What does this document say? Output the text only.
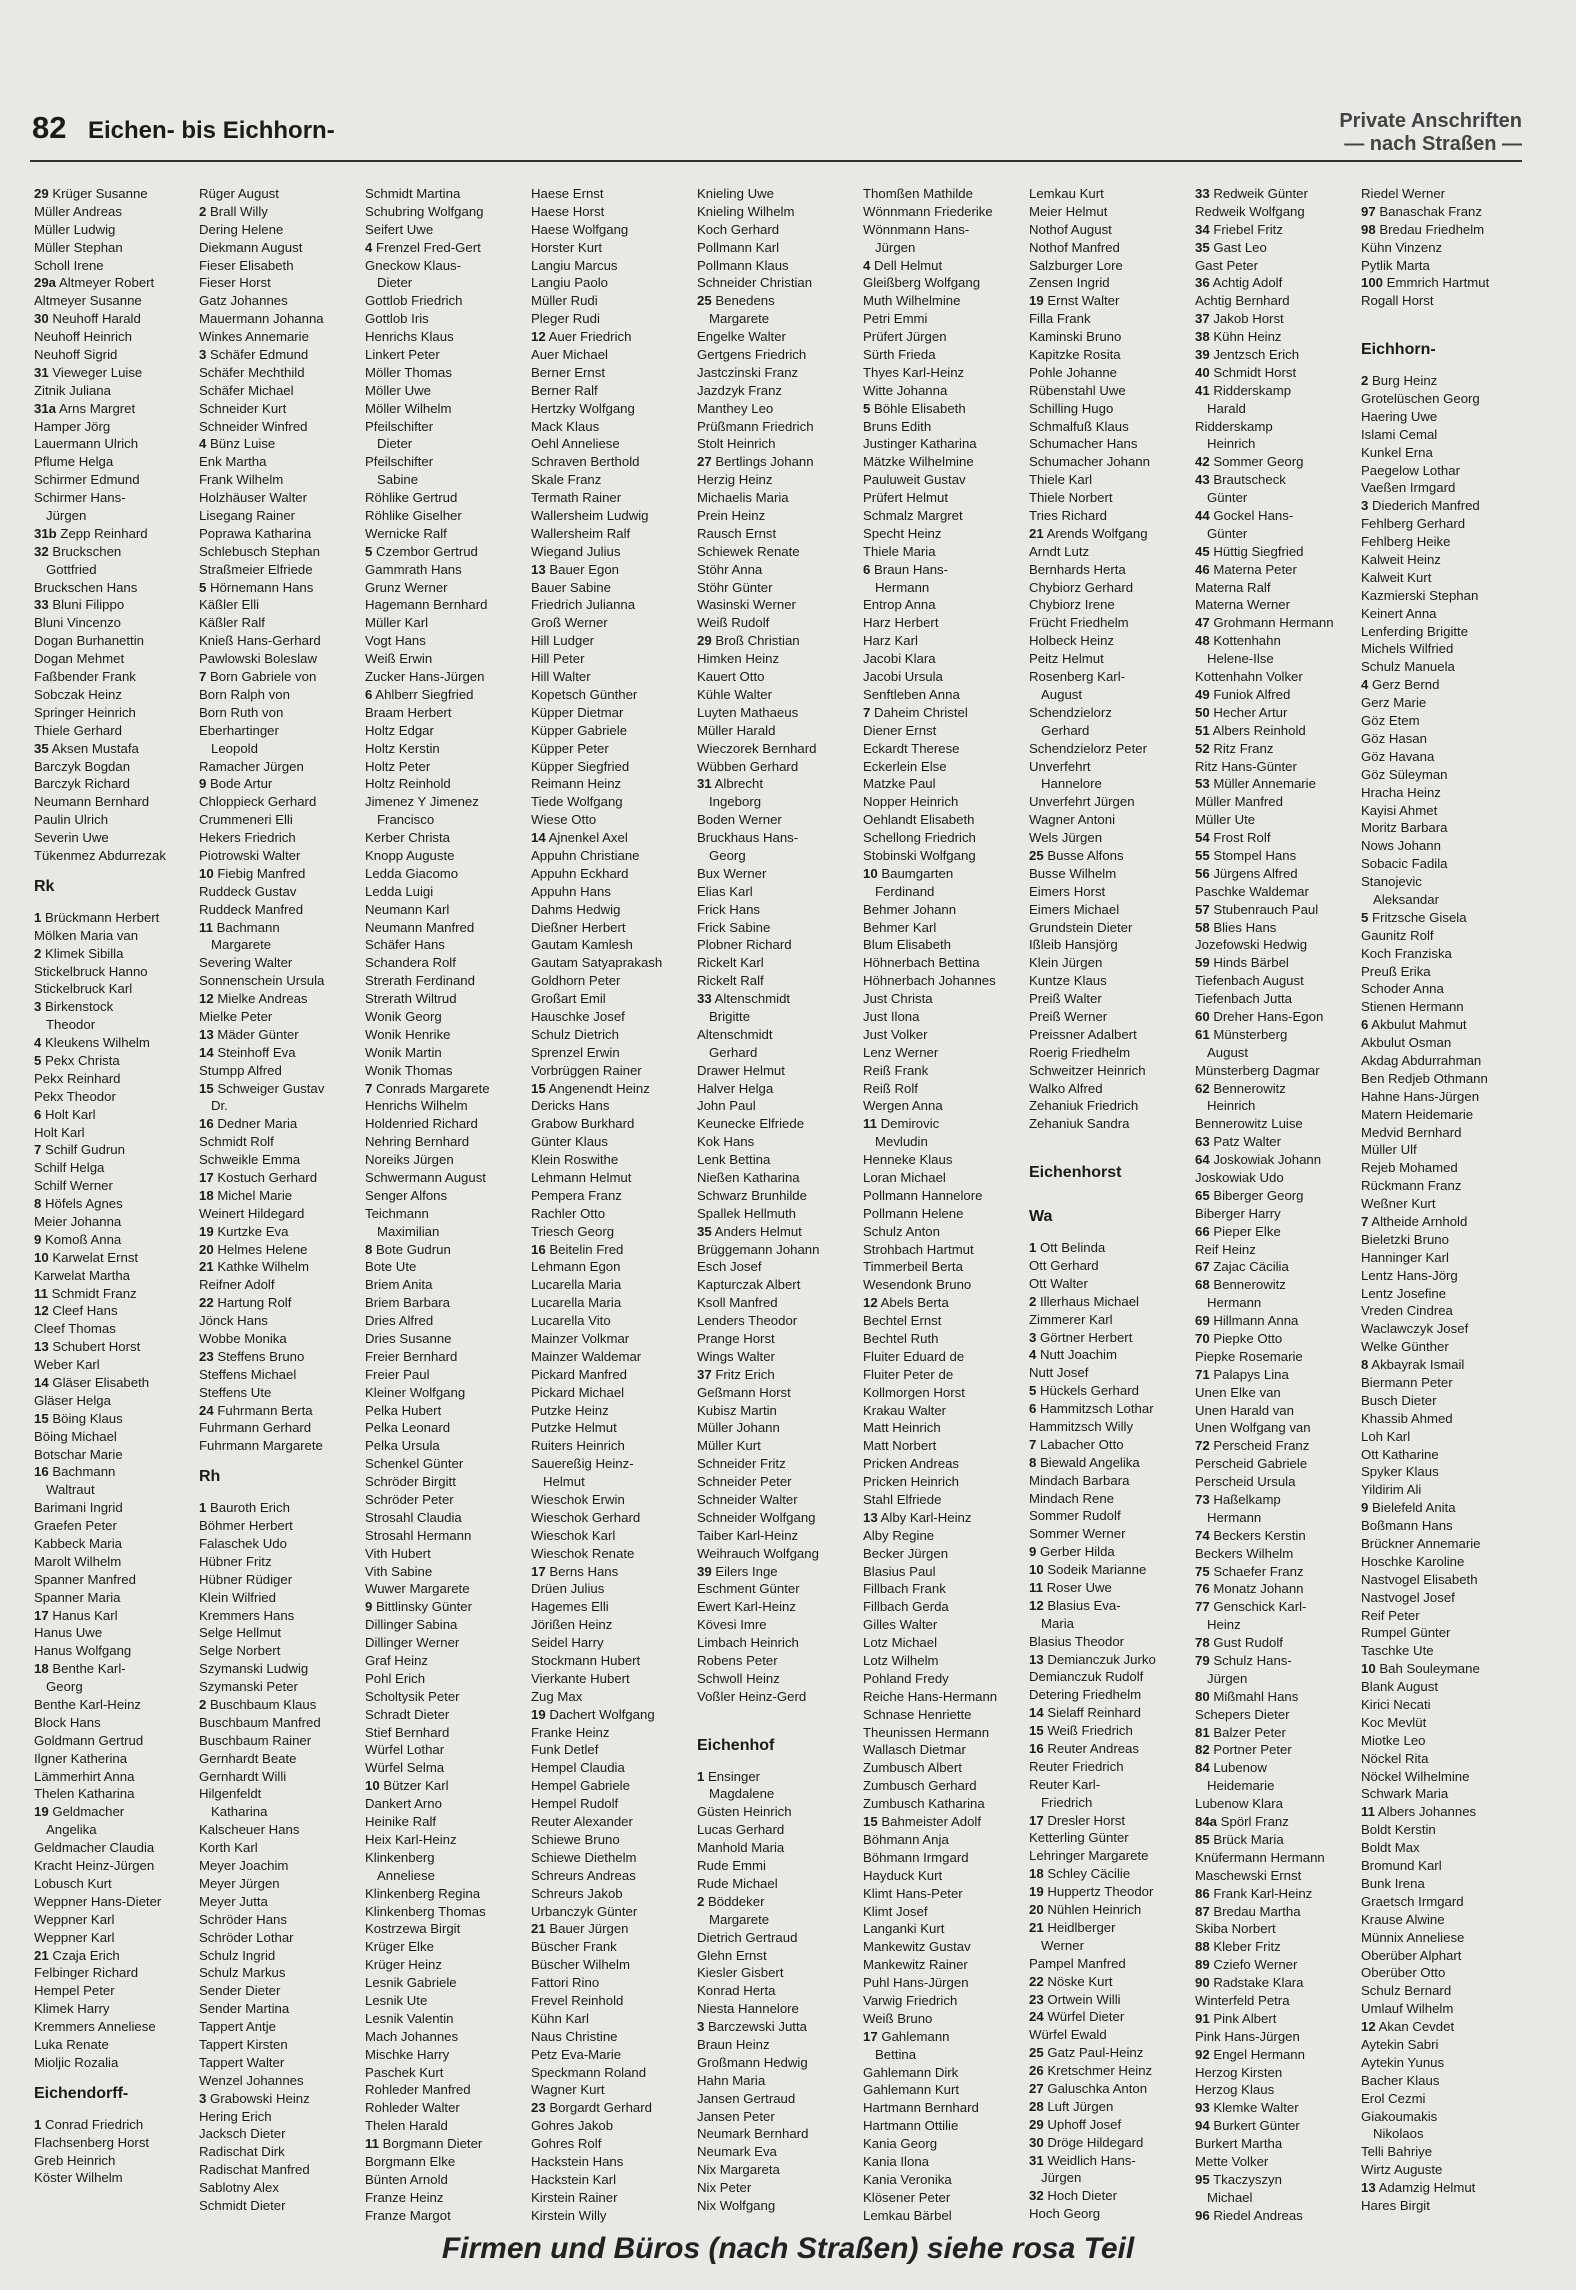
82 Eichen- bis Eichhorn-	Private Anschriften
— nach Straßen —
29 Krüger Susanne
Müller Andreas
Müller Ludwig
Müller Stephan
Scholl Irene
29a Altmeyer Robert
Altmeyer Susanne
30 Neuhoff Harald
Neuhoff Heinrich
Neuhoff Sigrid
31 Vieweger Luise
Zitnik Juliana
31a Arns Margret
Hamper Jörg
Lauermann Ulrich
Pflume Helga
Schirmer Edmund
Schirmer Hans-
Jürgen
31b Zepp Reinhard
32 Bruckschen
Gottfried
Bruckschen Hans
33 Bluni Filippo
Bluni Vincenzo
Dogan Burhanettin
Dogan Mehmet
Faßbender Frank
Sobczak Heinz
Springer Heinrich
Thiele Gerhard
35 Aksen Mustafa
Barczyk Bogdan
Barczyk Richard
Neumann Bernhard
Paulin Ulrich
Severin Uwe
Tükenmez Abdurrezak
Rk
1 Brückmann Herbert
Mölken Maria van
2 Klimek Sibilla
Stickelbruck Hanno
Stickelbruck Karl
3 Birkenstock
Theodor
4 Kleukens Wilhelm
5 Pekx Christa
Pekx Reinhard
Pekx Theodor
6 Holt Karl
Holt Karl
7 Schilf Gudrun
Schilf Helga
Schilf Werner
8 Höfels Agnes
Meier Johanna
9 Komoß Anna
10 Karwelat Ernst
Karwelat Martha
11 Schmidt Franz
12 Cleef Hans
Cleef Thomas
13 Schubert Horst
Weber Karl
14 Gläser Elisabeth
Gläser Helga
15 Böing Klaus
Böing Michael
Botschar Marie
16 Bachmann
Waltraut
Barimani Ingrid
Graefen Peter
Kabbeck Maria
Marolt Wilhelm
Spanner Manfred
Spanner Maria
17 Hanus Karl
Hanus Uwe
Hanus Wolfgang
18 Benthe Karl-
Georg
Benthe Karl-Heinz
Block Hans
Goldmann Gertrud
Ilgner Katherina
Lämmerhirt Anna
Thelen Katharina
19 Geldmacher
Angelika
Geldmacher Claudia
Kracht Heinz-Jürgen
Lobusch Kurt
Weppner Hans-Dieter
Weppner Karl
Weppner Karl
21 Czaja Erich
Felbinger Richard
Hempel Peter
Klimek Harry
Kremmers Anneliese
Luka Renate
Mioljic Rozalia
Eichendorff-
1 Conrad Friedrich
Flachsenberg Horst
Greb Heinrich
Köster Wilhelm
Rüger August
2 Brall Willy
Dering Helene
Diekmann August
Fieser Elisabeth
Fieser Horst
Gatz Johannes
Mauermann Johanna
Winkes Annemarie
3 Schäfer Edmund
Schäfer Mechthild
Schäfer Michael
Schneider Kurt
Schneider Winfred
4 Bünz Luise
Enk Martha
Frank Wilhelm
Holzhäuser Walter
Lisegang Rainer
Poprawa Katharina
Schlebusch Stephan
Straßmeier Elfriede
5 Hörnemann Hans
Käßler Elli
Käßler Ralf
Knieß Hans-Gerhard
Pawlowski Boleslaw
7 Born Gabriele von
Born Ralph von
Born Ruth von
Eberhartinger
Leopold
Ramacher Jürgen
9 Bode Artur
Chloppieck Gerhard
Crummeneri Elli
Hekers Friedrich
Piotrowski Walter
10 Fiebig Manfred
Ruddeck Gustav
Ruddeck Manfred
11 Bachmann
Margarete
Severing Walter
Sonnenschein Ursula
12 Mielke Andreas
Mielke Peter
13 Mäder Günter
14 Steinhoff Eva
Stumpp Alfred
15 Schweiger Gustav
Dr.
16 Dedner Maria
Schmidt Rolf
Schweikle Emma
17 Kostuch Gerhard
18 Michel Marie
Weinert Hildegard
19 Kurtzke Eva
20 Helmes Helene
21 Kathke Wilhelm
Reifner Adolf
22 Hartung Rolf
Jönck Hans
Wobbe Monika
23 Steffens Bruno
Steffens Michael
Steffens Ute
24 Fuhrmann Berta
Fuhrmann Gerhard
Fuhrmann Margarete
Rh
1 Bauroth Erich
Böhmer Herbert
Falaschek Udo
Hübner Fritz
Hübner Rüdiger
Klein Wilfried
Kremmers Hans
Selge Hellmut
Selge Norbert
Szymanski Ludwig
Szymanski Peter
2 Buschbaum Klaus
Buschbaum Manfred
Buschbaum Rainer
Gernhardt Beate
Gernhardt Willi
Hilgenfeldt
Katharina
Kalscheuer Hans
Korth Karl
Meyer Joachim
Meyer Jürgen
Meyer Jutta
Schröder Hans
Schröder Lothar
Schulz Ingrid
Schulz Markus
Sender Dieter
Sender Martina
Tappert Antje
Tappert Kirsten
Tappert Walter
Wenzel Johannes
3 Grabowski Heinz
Hering Erich
Jacksch Dieter
Radischat Dirk
Radischat Manfred
Sablotny Alex
Schmidt Dieter
Schmidt Martina
Schubring Wolfgang
Seifert Uwe
4 Frenzel Fred-Gert
Gneckow Klaus-
Dieter
Gottlob Friedrich
Gottlob Iris
Henrichs Klaus
Linkert Peter
Möller Thomas
Möller Uwe
Möller Wilhelm
Pfeilschifter
Dieter
Pfeilschifter
Sabine
Röhlike Gertrud
Röhlike Giselher
Wernicke Ralf
5 Czembor Gertrud
Gammrath Hans
Grunz Werner
Hagemann Bernhard
Müller Karl
Vogt Hans
Weiß Erwin
Zucker Hans-Jürgen
6 Ahlberr Siegfried
Braam Herbert
Holtz Edgar
Holtz Kerstin
Holtz Peter
Holtz Reinhold
Jimenez Y Jimenez
Francisco
Kerber Christa
Knopp Auguste
Ledda Giacomo
Ledda Luigi
Neumann Karl
Neumann Manfred
Schäfer Hans
Schandera Rolf
Strerath Ferdinand
Strerath Wiltrud
Wonik Georg
Wonik Henrike
Wonik Martin
Wonik Thomas
7 Conrads Margarete
Henrichs Wilhelm
Holdenried Richard
Nehring Bernhard
Noreiks Jürgen
Schwermann August
Senger Alfons
Teichmann
Maximilian
8 Bote Gudrun
Bote Ute
Briem Anita
Briem Barbara
Dries Alfred
Dries Susanne
Freier Bernhard
Freier Paul
Kleiner Wolfgang
Pelka Hubert
Pelka Leonard
Pelka Ursula
Schenkel Günter
Schröder Birgitt
Schröder Peter
Strosahl Claudia
Strosahl Hermann
Vith Hubert
Vith Sabine
Wuwer Margarete
9 Bittlinsky Günter
Dillinger Sabina
Dillinger Werner
Graf Heinz
Pohl Erich
Scholtysik Peter
Schradt Dieter
Stief Bernhard
Würfel Lothar
Würfel Selma
10 Bützer Karl
Dankert Arno
Heinike Ralf
Heix Karl-Heinz
Klinkenberg
Anneliese
Klinkenberg Regina
Klinkenberg Thomas
Kostrzewa Birgit
Krüger Elke
Krüger Heinz
Lesnik Gabriele
Lesnik Ute
Lesnik Valentin
Mach Johannes
Mischke Harry
Paschek Kurt
Rohleder Manfred
Rohleder Walter
Thelen Harald
11 Borgmann Dieter
Borgmann Elke
Bünten Arnold
Franze Heinz
Franze Margot
Haese Ernst
Haese Horst
Haese Wolfgang
Horster Kurt
Langiu Marcus
Langiu Paolo
Müller Rudi
Pleger Rudi
12 Auer Friedrich
Auer Michael
Berner Ernst
Berner Ralf
Hertzky Wolfgang
Mack Klaus
Oehl Anneliese
Schraven Berthold
Skale Franz
Termath Rainer
Wallersheim Ludwig
Wallersheim Ralf
Wiegand Julius
13 Bauer Egon
Bauer Sabine
Friedrich Julianna
Groß Werner
Hill Ludger
Hill Peter
Hill Walter
Kopetsch Günther
Küpper Dietmar
Küpper Gabriele
Küpper Peter
Küpper Siegfried
Reimann Heinz
Tiede Wolfgang
Wiese Otto
14 Ajnenkel Axel
Appuhn Christiane
Appuhn Eckhard
Appuhn Hans
Dahms Hedwig
Dießner Herbert
Gautam Kamlesh
Gautam Satyaprakash
Goldhorn Peter
Großart Emil
Hauschke Josef
Schulz Dietrich
Sprenzel Erwin
Vorbrüggen Rainer
15 Angenendt Heinz
Dericks Hans
Grabow Burkhard
Günter Klaus
Klein Roswithe
Lehmann Helmut
Pempera Franz
Rachler Otto
Triesch Georg
16 Beitelin Fred
Lehmann Egon
Lucarella Maria
Lucarella Maria
Lucarella Vito
Mainzer Volkmar
Mainzer Waldemar
Pickard Manfred
Pickard Michael
Putzke Heinz
Putzke Helmut
Ruiters Heinrich
Sauereßig Heinz-
Helmut
Wieschok Erwin
Wieschok Gerhard
Wieschok Karl
Wieschok Renate
17 Berns Hans
Drüen Julius
Hagemes Elli
Jörißen Heinz
Seidel Harry
Stockmann Hubert
Vierkante Hubert
Zug Max
19 Dachert Wolfgang
Franke Heinz
Funk Detlef
Hempel Claudia
Hempel Gabriele
Hempel Rudolf
Reuter Alexander
Schiewe Bruno
Schiewe Diethelm
Schreurs Andreas
Schreurs Jakob
Urbanczyk Günter
21 Bauer Jürgen
Büscher Frank
Büscher Wilhelm
Fattori Rino
Frevel Reinhold
Kühn Karl
Naus Christine
Petz Eva-Marie
Speckmann Roland
Wagner Kurt
23 Borgardt Gerhard
Gohres Jakob
Gohres Rolf
Hackstein Hans
Hackstein Karl
Kirstein Rainer
Kirstein Willy
Knieling Uwe
Knieling Wilhelm
Koch Gerhard
Pollmann Karl
Pollmann Klaus
Schneider Christian
25 Benedens
Margarete
Engelke Walter
Gertgens Friedrich
Jastczinski Franz
Jazdzyk Franz
Manthey Leo
Prüßmann Friedrich
Stolt Heinrich
27 Bertlings Johann
Herzig Heinz
Michaelis Maria
Prein Heinz
Rausch Ernst
Schiewek Renate
Stöhr Anna
Stöhr Günter
Wasinski Werner
Weiß Rudolf
29 Broß Christian
Himken Heinz
Kauert Otto
Kühle Walter
Luyten Mathaeus
Müller Harald
Wieczorek Bernhard
Wübben Gerhard
31 Albrecht
Ingeborg
Boden Werner
Bruckhaus Hans-
Georg
Bux Werner
Elias Karl
Frick Hans
Frick Sabine
Plobner Richard
Rickelt Karl
Rickelt Ralf
33 Altenschmidt
Brigitte
Altenschmidt
Gerhard
Drawer Helmut
Halver Helga
John Paul
Keunecke Elfriede
Kok Hans
Lenk Bettina
Nießen Katharina
Schwarz Brunhilde
Spallek Hellmuth
35 Anders Helmut
Brüggemann Johann
Esch Josef
Kapturczak Albert
Ksoll Manfred
Lenders Theodor
Prange Horst
Wings Walter
37 Fritz Erich
Geßmann Horst
Kubisz Martin
Müller Johann
Müller Kurt
Schneider Fritz
Schneider Peter
Schneider Walter
Schneider Wolfgang
Taiber Karl-Heinz
Weihrauch Wolfgang
39 Eilers Inge
Eschment Günter
Ewert Karl-Heinz
Kövesi Imre
Limbach Heinrich
Robens Peter
Schwoll Heinz
Voßler Heinz-Gerd

Eichenhof
1 Ensinger
Magdalene
Güsten Heinrich
Lucas Gerhard
Manhold Maria
Rude Emmi
Rude Michael
2 Böddeker
Margarete
Dietrich Gertraud
Glehn Ernst
Kiesler Gisbert
Konrad Herta
Niesta Hannelore
3 Barczewski Jutta
Braun Heinz
Großmann Hedwig
Hahn Maria
Jansen Gertraud
Jansen Peter
Neumark Bernhard
Neumark Eva
Nix Margareta
Nix Peter
Nix Wolfgang
Thomßen Mathilde
Wönnmann Friederike
Wönnmann Hans-
Jürgen
4 Dell Helmut
Gleißberg Wolfgang
Muth Wilhelmine
Petri Emmi
Prüfert Jürgen
Sürth Frieda
Thyes Karl-Heinz
Witte Johanna
5 Böhle Elisabeth
Bruns Edith
Justinger Katharina
Mätzke Wilhelmine
Pauluweit Gustav
Prüfert Helmut
Schmalz Margret
Specht Heinz
Thiele Maria
6 Braun Hans-
Hermann
Entrop Anna
Harz Herbert
Harz Karl
Jacobi Klara
Jacobi Ursula
Senftleben Anna
7 Daheim Christel
Diener Ernst
Eckardt Therese
Eckerlein Else
Matzke Paul
Nopper Heinrich
Oehlandt Elisabeth
Schellong Friedrich
Stobinski Wolfgang
10 Baumgarten
Ferdinand
Behmer Johann
Behmer Karl
Blum Elisabeth
Höhnerbach Bettina
Höhnerbach Johannes
Just Christa
Just Ilona
Just Volker
Lenz Werner
Reiß Frank
Reiß Rolf
Wergen Anna
11 Demirovic
Mevludin
Henneke Klaus
Loran Michael
Pollmann Hannelore
Pollmann Helene
Schulz Anton
Strohbach Hartmut
Timmerbeil Berta
Wesendonk Bruno
12 Abels Berta
Bechtel Ernst
Bechtel Ruth
Fluiter Eduard de
Fluiter Peter de
Kollmorgen Horst
Krakau Walter
Matt Heinrich
Matt Norbert
Pricken Andreas
Pricken Heinrich
Stahl Elfriede
13 Alby Karl-Heinz
Alby Regine
Becker Jürgen
Blasius Paul
Fillbach Frank
Fillbach Gerda
Gilles Walter
Lotz Michael
Lotz Wilhelm
Pohland Fredy
Reiche Hans-Hermann
Schnase Henriette
Theunissen Hermann
Wallasch Dietmar
Zumbusch Albert
Zumbusch Gerhard
Zumbusch Katharina
15 Bahmeister Adolf
Böhmann Anja
Böhmann Irmgard
Hayduck Kurt
Klimt Hans-Peter
Klimt Josef
Langanki Kurt
Mankewitz Gustav
Mankewitz Rainer
Puhl Hans-Jürgen
Varwig Friedrich
Weiß Bruno
17 Gahlemann
Bettina
Gahlemann Dirk
Gahlemann Kurt
Hartmann Bernhard
Hartmann Ottilie
Kania Georg
Kania Ilona
Kania Veronika
Klösener Peter
Lemkau Bärbel
Lemkau Kurt
Meier Helmut
Nothof August
Nothof Manfred
Salzburger Lore
Zensen Ingrid
19 Ernst Walter
Filla Frank
Kaminski Bruno
Kapitzke Rosita
Pohle Johanne
Rübenstahl Uwe
Schilling Hugo
Schmalfuß Klaus
Schumacher Hans
Schumacher Johann
Thiele Karl
Thiele Norbert
Tries Richard
21 Arends Wolfgang
Arndt Lutz
Bernhards Herta
Chybiorz Gerhard
Chybiorz Irene
Frücht Friedhelm
Holbeck Heinz
Peitz Helmut
Rosenberg Karl-
August
Schendzielorz
Gerhard
Schendzielorz Peter
Unverfehrt
Hannelore
Unverfehrt Jürgen
Wagner Antoni
Wels Jürgen
25 Busse Alfons
Busse Wilhelm
Eimers Horst
Eimers Michael
Grundstein Dieter
Ißleib Hansjörg
Klein Jürgen
Kuntze Klaus
Preiß Walter
Preiß Werner
Preissner Adalbert
Roerig Friedhelm
Schweitzer Heinrich
Walko Alfred
Zehaniuk Friedrich
Zehaniuk Sandra

Eichenhorst
Wa
1 Ott Belinda
Ott Gerhard
Ott Walter
2 Illerhaus Michael
Zimmerer Karl
3 Görtner Herbert
4 Nutt Joachim
Nutt Josef
5 Hückels Gerhard
6 Hammitzsch Lothar
Hammitzsch Willy
7 Labacher Otto
8 Biewald Angelika
Mindach Barbara
Mindach Rene
Sommer Rudolf
Sommer Werner
9 Gerber Hilda
10 Sodeik Marianne
11 Roser Uwe
12 Blasius Eva-
Maria
Blasius Theodor
13 Demianczuk Jurko
Demianczuk Rudolf
Detering Friedhelm
14 Sielaff Reinhard
15 Weiß Friedrich
16 Reuter Andreas
Reuter Friedrich
Reuter Karl-
Friedrich
17 Dresler Horst
Ketterling Günter
Lehringer Margarete
18 Schley Cäcilie
19 Huppertz Theodor
20 Nühlen Heinrich
21 Heidlberger
Werner
Pampel Manfred
22 Nöske Kurt
23 Ortwein Willi
24 Würfel Dieter
Würfel Ewald
25 Gatz Paul-Heinz
26 Kretschmer Heinz
27 Galuschka Anton
28 Luft Jürgen
29 Uphoff Josef
30 Dröge Hildegard
31 Weidlich Hans-
Jürgen
32 Hoch Dieter
Hoch Georg
33 Redweik Günter
Redweik Wolfgang
34 Friebel Fritz
35 Gast Leo
Gast Peter
36 Achtig Adolf
Achtig Bernhard
37 Jakob Horst
38 Kühn Heinz
39 Jentzsch Erich
40 Schmidt Horst
41 Ridderskamp
Harald
Ridderskamp
Heinrich
42 Sommer Georg
43 Brautscheck
Günter
44 Gockel Hans-
Günter
45 Hüttig Siegfried
46 Materna Peter
Materna Ralf
Materna Werner
47 Grohmann Hermann
48 Kottenhahn
Helene-Ilse
Kottenhahn Volker
49 Funiok Alfred
50 Hecher Artur
51 Albers Reinhold
52 Ritz Franz
Ritz Hans-Günter
53 Müller Annemarie
Müller Manfred
Müller Ute
54 Frost Rolf
55 Stompel Hans
56 Jürgens Alfred
Paschke Waldemar
57 Stubenrauch Paul
58 Blies Hans
Jozefowski Hedwig
59 Hinds Bärbel
Tiefenbach August
Tiefenbach Jutta
60 Dreher Hans-Egon
61 Münsterberg
August
Münsterberg Dagmar
62 Bennerowitz
Heinrich
Bennerowitz Luise
63 Patz Walter
64 Joskowiak Johann
Joskowiak Udo
65 Biberger Georg
Biberger Harry
66 Pieper Elke
Reif Heinz
67 Zajac Cäcilia
68 Bennerowitz
Hermann
69 Hillmann Anna
70 Piepke Otto
Piepke Rosemarie
71 Palapys Lina
Unen Elke van
Unen Harald van
Unen Wolfgang van
72 Perscheid Franz
Perscheid Gabriele
Perscheid Ursula
73 Haßelkamp
Hermann
74 Beckers Kerstin
Beckers Wilhelm
75 Schaefer Franz
76 Monatz Johann
77 Genschick Karl-
Heinz
78 Gust Rudolf
79 Schulz Hans-
Jürgen
80 Mißmahl Hans
Schepers Dieter
81 Balzer Peter
82 Portner Peter
84 Lubenow
Heidemarie
Lubenow Klara
84a Spörl Franz
85 Brück Maria
Knüfermann Hermann
Maschewski Ernst
86 Frank Karl-Heinz
87 Bredau Martha
Skiba Norbert
88 Kleber Fritz
89 Cziefo Werner
90 Radstake Klara
Winterfeld Petra
91 Pink Albert
Pink Hans-Jürgen
92 Engel Hermann
Herzog Kirsten
Herzog Klaus
93 Klemke Walter
94 Burkert Günter
Burkert Martha
Mette Volker
95 Tkaczyszyn
Michael
96 Riedel Andreas
Riedel Werner
97 Banaschak Franz
98 Bredau Friedhelm
Kühn Vinzenz
Pytlik Marta
100 Emmrich Hartmut
Rogall Horst

Eichhorn-
2 Burg Heinz
Grotelüschen Georg
Haering Uwe
Islami Cemal
Kunkel Erna
Paegelow Lothar
Vaeßen Irmgard
3 Diederich Manfred
Fehlberg Gerhard
Fehlberg Heike
Kalweit Heinz
Kalweit Kurt
Kazmierski Stephan
Keinert Anna
Lenferding Brigitte
Michels Wilfried
Schulz Manuela
4 Gerz Bernd
Gerz Marie
Göz Etem
Göz Hasan
Göz Havana
Göz Süleyman
Hracha Heinz
Kayisi Ahmet
Moritz Barbara
Nows Johann
Sobacic Fadila
Stanojevic
Aleksandar
5 Fritzsche Gisela
Gaunitz Rolf
Koch Franziska
Preuß Erika
Schoder Anna
Stienen Hermann
6 Akbulut Mahmut
Akbulut Osman
Akdag Abdurrahman
Ben Redjeb Othmann
Hahne Hans-Jürgen
Matern Heidemarie
Medvid Bernhard
Müller Ulf
Rejeb Mohamed
Rückmann Franz
Weßner Kurt
7 Altheide Arnhold
Bieletzki Bruno
Hanninger Karl
Lentz Hans-Jörg
Lentz Josefine
Vreden Cindrea
Waclawczyk Josef
Welke Günther
8 Akbayrak Ismail
Biermann Peter
Busch Dieter
Khassib Ahmed
Loh Karl
Ott Katharine
Spyker Klaus
Yildirim Ali
9 Bielefeld Anita
Boßmann Hans
Brückner Annemarie
Hoschke Karoline
Nastvogel Elisabeth
Nastvogel Josef
Reif Peter
Rumpel Günter
Taschke Ute
10 Bah Souleymane
Blank August
Kirici Necati
Koc Mevlüt
Miotke Leo
Nöckel Rita
Nöckel Wilhelmine
Schwark Maria
11 Albers Johannes
Boldt Kerstin
Boldt Max
Bromund Karl
Bunk Irena
Graetsch Irmgard
Krause Alwine
Münnix Anneliese
Oberüber Alphart
Oberüber Otto
Schulz Bernard
Umlauf Wilhelm
12 Akan Cevdet
Aytekin Sabri
Aytekin Yunus
Bacher Klaus
Erol Cezmi
Giakoumakis
Nikolaos
Telli Bahriye
Wirtz Auguste
13 Adamzig Helmut
Hares Birgit
Firmen und Büros (nach Straßen) siehe rosa Teil
